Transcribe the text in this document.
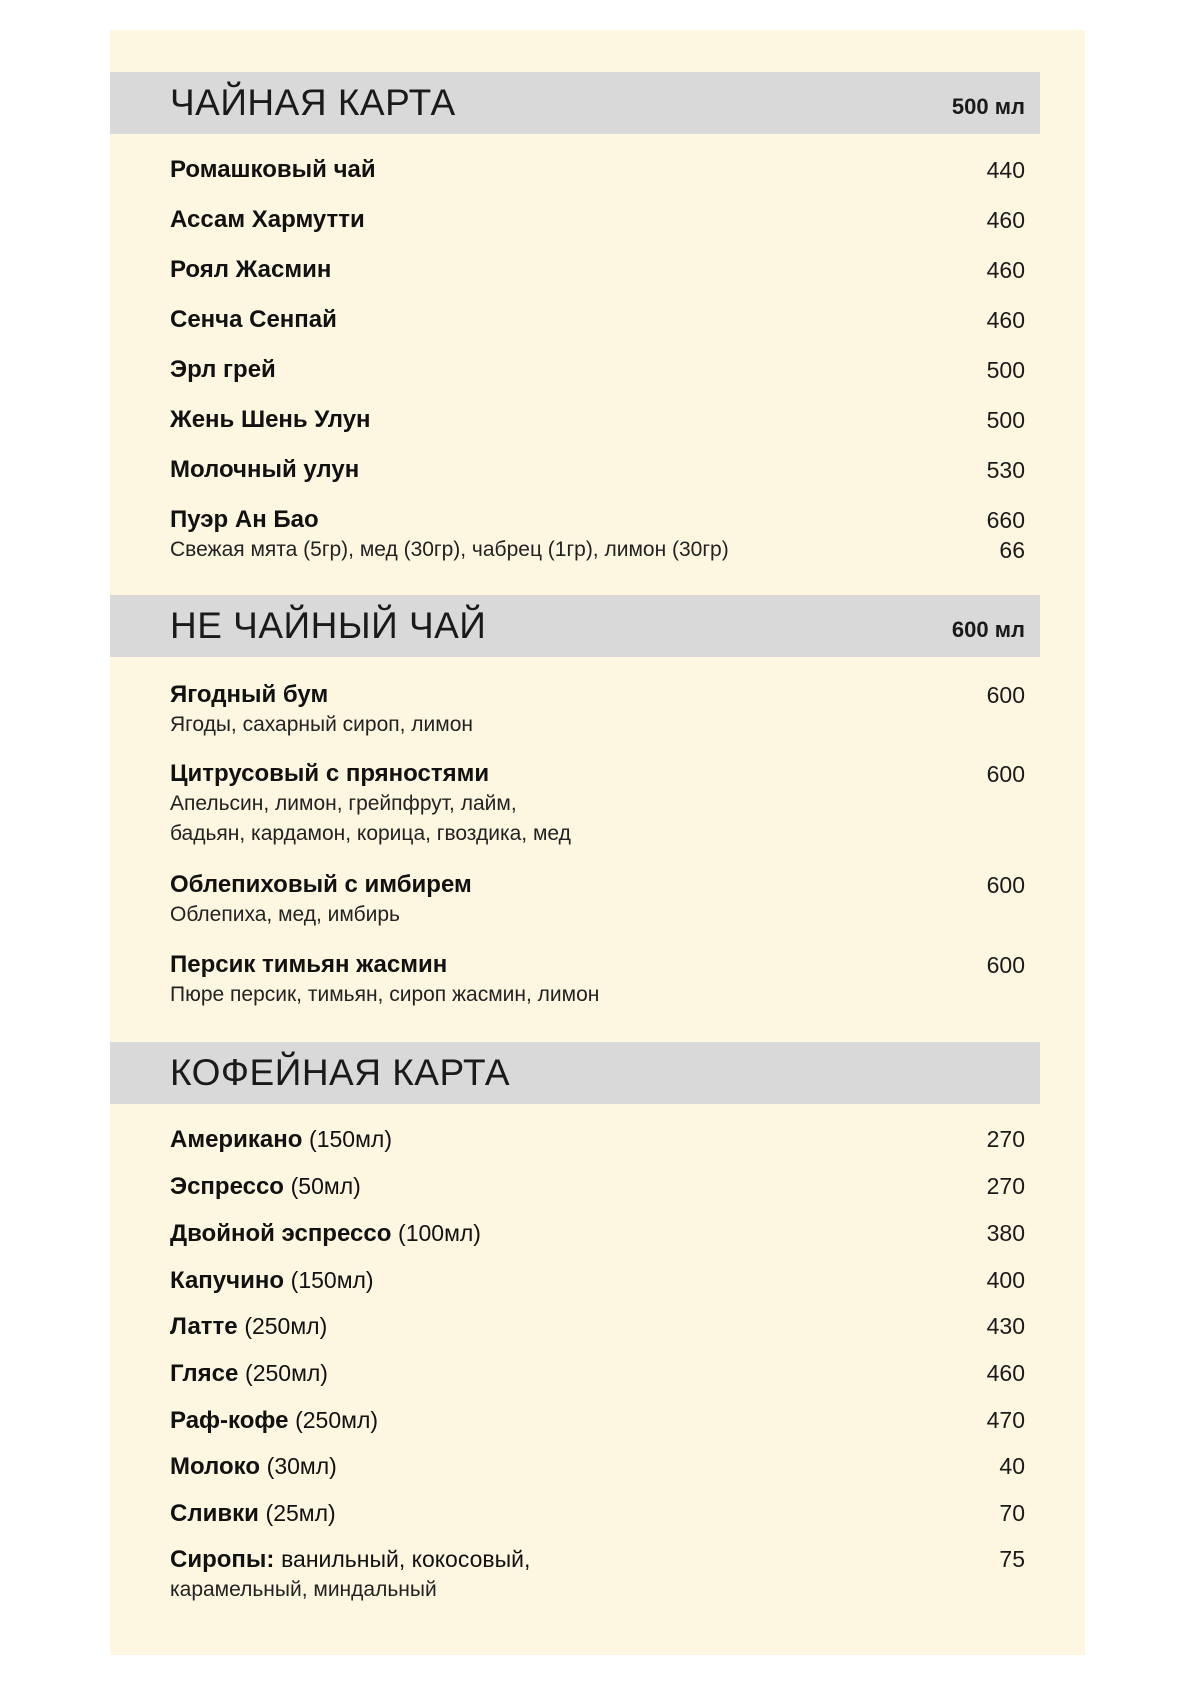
ЧАЙНАЯ КАРТА	500 мл
Ромашковый чай	440
Ассам Хармутти	460
Роял Жасмин	460
Сенча Сенпай	460
Эрл грей	500
Жень Шень Улун	500
Молочный улун	530
Пуэр Ан Бао	660
Свежая мята (5гр), мед (30гр), чабрец (1гр), лимон (30гр)	66
НЕ ЧАЙНЫЙ ЧАЙ	600 мл
Ягодный бум	600
Ягоды, сахарный сироп, лимон
Цитрусовый с пряностями	600
Апельсин, лимон, грейпфрут, лайм,
бадьян, кардамон, корица, гвоздика, мед
Облепиховый с имбирем	600
Облепиха, мед, имбирь
Персик тимьян жасмин	600
Пюре персик, тимьян, сироп жасмин, лимон
КОФЕЙНАЯ КАРТА
Американо (150мл)	270
Эспрессо (50мл)	270
Двойной эспрессо (100мл)	380
Капучино (150мл)	400
Латте (250мл)	430
Глясе (250мл)	460
Раф-кофе (250мл)	470
Молоко (30мл)	40
Сливки (25мл)	70
Сиропы: ванильный, кокосовый,	75
карамельный, миндальный
